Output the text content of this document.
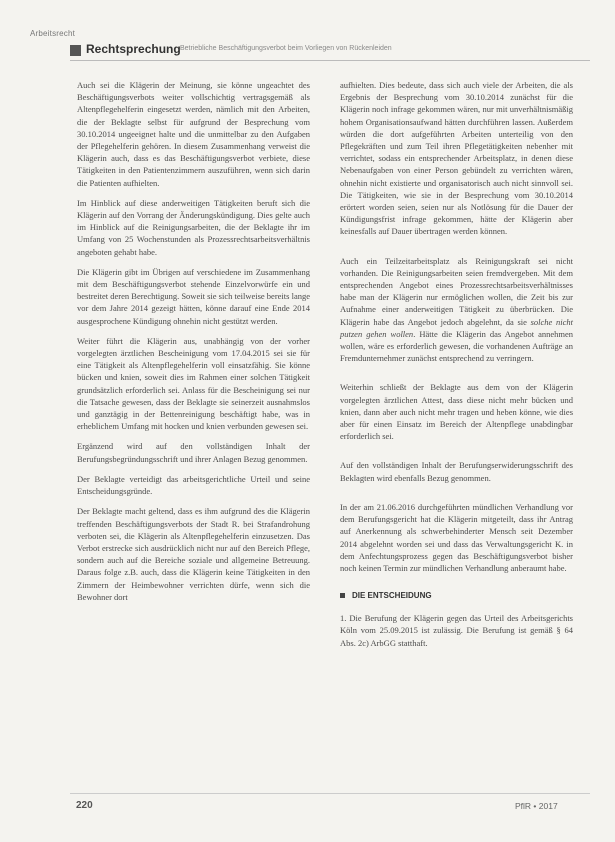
Arbeitsrecht
Rechtsprechung Betriebliche Beschäftigungsverbot beim Vorliegen von Rückenleiden

Auch sei die Klägerin der Meinung, sie könne ungeachtet des Beschäftigungsverbots weiter vollschichtig vertragsgemäß als Altenpflegehelferin eingesetzt werden, nämlich mit den Arbeiten, die der Beklagte selbst für aufgrund der Besprechung vom 30.10.2014 ungeeignet halte und die unmittelbar zu den Aufgaben der Pflegehelferin gehören. In diesem Zusammenhang verweist die Klägerin auch, dass es das Beschäftigungsverbot verbiete, diese Tätigkeiten in den Patientenzimmern auszuführen, wenn sich darin die Patienten aufhielten.

Im Hinblick auf diese anderweitigen Tätigkeiten beruft sich die Klägerin auf den Vorrang der Änderungskündigung. Dies gelte auch im Hinblick auf die Reinigungsarbeiten, die der Beklagte ihr im Umfang von 25 Wochenstunden als Prozessrechtsarbeitsverhältnis angeboten gehabt habe.

Die Klägerin gibt im Übrigen auf verschiedene im Zusammenhang mit dem Beschäftigungsverbot stehende Einzelvorwürfe ein und bestreitet deren Berechtigung. Soweit sie sich teilweise bereits lange vor dem Jahre 2014 gezeigt hätten, könne darauf eine Ende 2014 ausgesprochene Kündigung ohnehin nicht gestützt werden.

Weiter führt die Klägerin aus, unabhängig von der vorher vorgelegten ärztlichen Bescheinigung vom 17.04.2015 sei sie für eine Tätigkeit als Altenpflegehelferin voll einsatzfähig. Sie könne bücken und knien, soweit dies im Rahmen einer solchen Tätigkeit grundsätzlich erforderlich sei. Anlass für die Bescheinigung sei nur die Tatsache gewesen, dass der Beklagte sie seinerzeit ausnahmslos und ganztägig in der Bettenreinigung beschäftigt habe, was in erheblichem Umfang mit hocken und knien verbunden gewesen sei.

Ergänzend wird auf den vollständigen Inhalt der Berufungsbegründungsschrift und ihrer Anlagen Bezug genommen.

Der Beklagte verteidigt das arbeitsgerichtliche Urteil und seine Entscheidungsgründe.

Der Beklagte macht geltend, dass es ihm aufgrund des die Klägerin treffenden Beschäftigungsverbots der Stadt R. bei Strafandrohung verboten sei, die Klägerin als Altenpflegehelferin einzusetzen. Das Verbot erstrecke sich ausdrücklich nicht nur auf den Bereich Pflege, sondern auch auf die Bereiche soziale und allgemeine Betreuung. Daraus folge z.B. auch, dass die Klägerin keine Tätigkeiten in den Zimmern der Heimbewohner verrichten dürfe, wenn sich die Bewohner dort

aufhielten. Dies bedeute, dass sich auch viele der Arbeiten, die als Ergebnis der Besprechung vom 30.10.2014 zunächst für die Klägerin noch infrage gekommen wären, nur mit unverhältnismäßig hohem Organisationsaufwand hätten durchführen lassen. Außerdem würden die dort aufgeführten Arbeiten unterteilig von den Pflegekräften und zum Teil ihren Pflegetätigkeiten nebenher mit verrichtet, sodass ein entsprechender Arbeitsplatz, in denen diese Nebenaufgaben von einer Person gebündelt zu verrichten wären, ohnehin nicht existierte und organisatorisch auch nicht sinnvoll sei. Die Tätigkeiten, wie sie in der Besprechung vom 30.10.2014 erörtert worden seien, seien nur als Notlösung für die Dauer der Kündigungsfrist infrage gekommen, hätte der Klägerin aber keinesfalls auf Dauer übertragen werden können.

Auch ein Teilzeitarbeitsplatz als Reinigungskraft sei nicht vorhanden. Die Reinigungsarbeiten seien fremdvergeben. Mit dem entsprechenden Angebot eines Prozessrechtsarbeitsverhältnisses habe man der Klägerin nur ermöglichen wollen, die Zeit bis zur Aufnahme einer anderweitigen Tätigkeit zu überbrücken. Die Klägerin habe das Angebot jedoch abgelehnt, da sie solche nicht putzen gehen wollen. Hätte die Klägerin das Angebot annehmen wollen, wäre es erforderlich gewesen, die vorhandenen Aufträge an Fremdunternehmer zunächst entsprechend zu verringern.

Weiterhin schließt der Beklagte aus dem von der Klägerin vorgelegten ärztlichen Attest, dass diese nicht mehr bücken und knien, dann aber auch nicht mehr tragen und heben könne, wie dies aber für einen Einsatz im Bereich der Altenpflege unabdingbar erforderlich sei.

Auf den vollständigen Inhalt der Berufungserwiderungsschrift des Beklagten wird ebenfalls Bezug genommen.

In der am 21.06.2016 durchgeführten mündlichen Verhandlung vor dem Berufungsgericht hat die Klägerin mitgeteilt, dass ihr Antrag auf Anerkennung als schwerbehinderter Mensch seit Dezember 2014 abgelehnt worden sei und dass das Verwaltungsgericht K. in dem Anfechtungsprozess gegen das Beschäftigungsverbot bisher noch keinen Termin zur mündlichen Verhandlung anberaumt habe.

DIE ENTSCHEIDUNG

1. Die Berufung der Klägerin gegen das Urteil des Arbeitsgerichts Köln vom 25.09.2015 ist zulässig. Die Berufung ist gemäß § 64 Abs. 2c) ArbGG statthaft.

220	PflR • 2017
